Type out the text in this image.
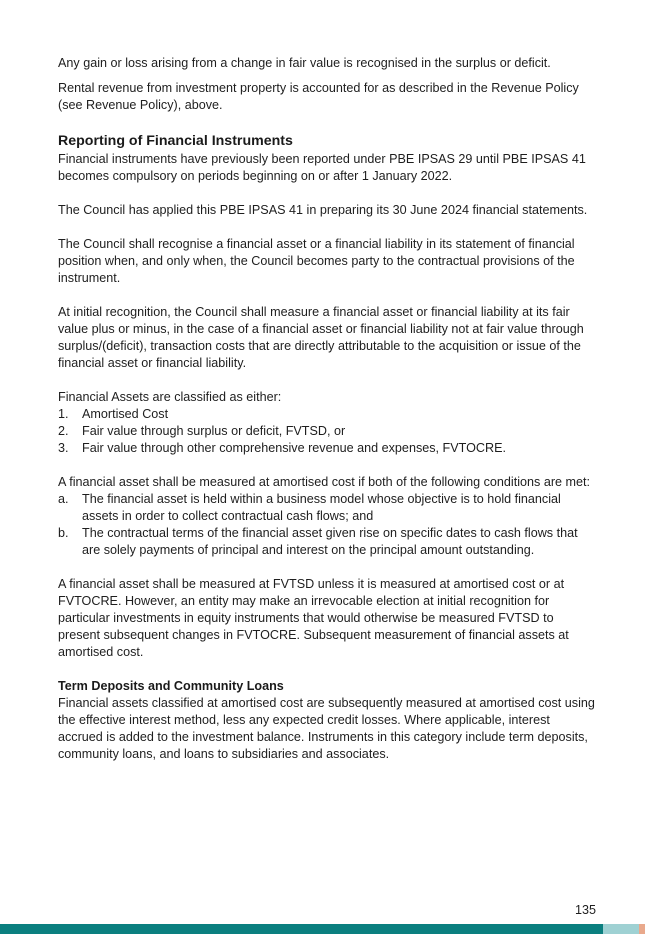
Any gain or loss arising from a change in fair value is recognised in the surplus or deficit.

Rental revenue from investment property is accounted for as described in the Revenue Policy (see Revenue Policy), above.

Reporting of Financial Instruments

Financial instruments have previously been reported under PBE IPSAS 29 until PBE IPSAS 41 becomes compulsory on periods beginning on or after 1 January 2022.

The Council has applied this PBE IPSAS 41 in preparing its 30 June 2024 financial statements.

The Council shall recognise a financial asset or a financial liability in its statement of financial position when, and only when, the Council becomes party to the contractual provisions of the instrument.

At initial recognition, the Council shall measure a financial asset or financial liability at its fair value plus or minus, in the case of a financial asset or financial liability not at fair value through surplus/(deficit), transaction costs that are directly attributable to the acquisition or issue of the financial asset or financial liability.

Financial Assets are classified as either:

1. Amortised Cost
2. Fair value through surplus or deficit, FVTSD, or
3. Fair value through other comprehensive revenue and expenses, FVTOCRE.

A financial asset shall be measured at amortised cost if both of the following conditions are met:

a. The financial asset is held within a business model whose objective is to hold financial assets in order to collect contractual cash flows; and
b. The contractual terms of the financial asset given rise on specific dates to cash flows that are solely payments of principal and interest on the principal amount outstanding.

A financial asset shall be measured at FVTSD unless it is measured at amortised cost or at FVTOCRE. However, an entity may make an irrevocable election at initial recognition for particular investments in equity instruments that would otherwise be measured FVTSD to present subsequent changes in FVTOCRE. Subsequent measurement of financial assets at amortised cost.

Term Deposits and Community Loans

Financial assets classified at amortised cost are subsequently measured at amortised cost using the effective interest method, less any expected credit losses. Where applicable, interest accrued is added to the investment balance. Instruments in this category include term deposits, community loans, and loans to subsidiaries and associates.

135
